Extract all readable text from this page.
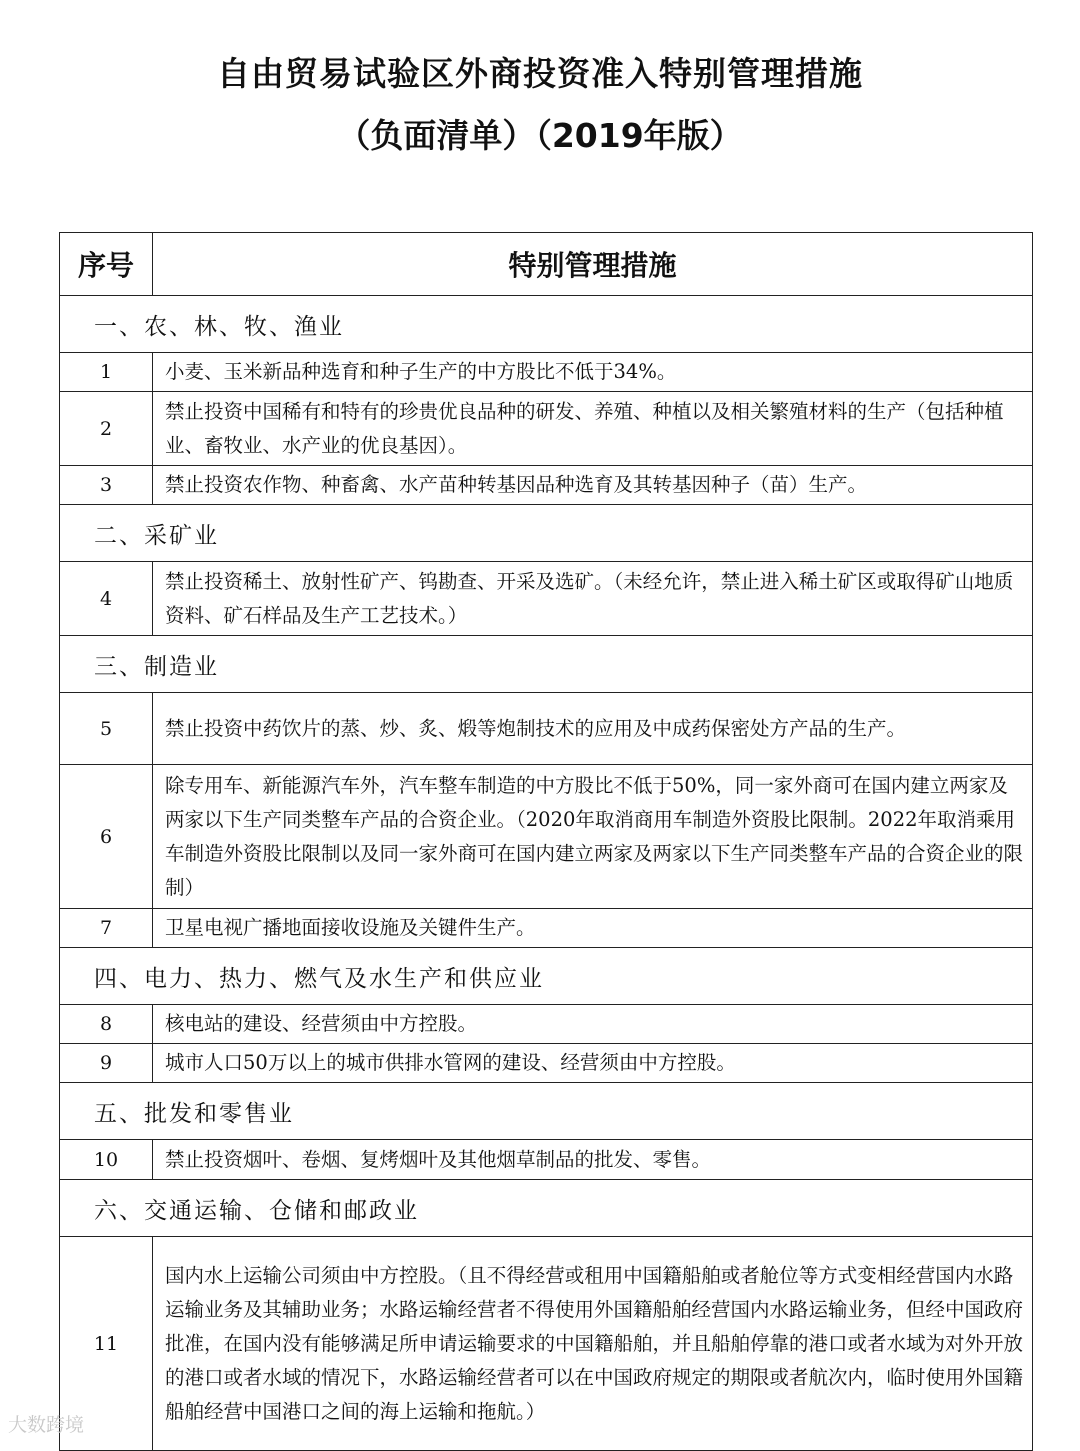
自由贸易试验区外商投资准入特别管理措施
（负面清单）（2019年版）
序号	特别管理措施
一、农、林、牧、渔业	
1	小麦、玉米新品种选育和种子生产的中方股比不低于34%。
2	禁止投资中国稀有和特有的珍贵优良品种的研发、养殖、种植以及相关繁殖材料的生产（包括种植业、畜牧业、水产业的优良基因）。
3	禁止投资农作物、种畜禽、水产苗种转基因品种选育及其转基因种子（苗）生产。
二、采矿业	
4	禁止投资稀土、放射性矿产、钨勘查、开采及选矿。（未经允许，禁止进入稀土矿区或取得矿山地质资料、矿石样品及生产工艺技术。）
三、制造业	
5	禁止投资中药饮片的蒸、炒、炙、煅等炮制技术的应用及中成药保密处方产品的生产。
6	除专用车、新能源汽车外，汽车整车制造的中方股比不低于50%，同一家外商可在国内建立两家及两家以下生产同类整车产品的合资企业。（2020年取消商用车制造外资股比限制。2022年取消乘用车制造外资股比限制以及同一家外商可在国内建立两家及两家以下生产同类整车产品的合资企业的限制）
7	卫星电视广播地面接收设施及关键件生产。
四、电力、热力、燃气及水生产和供应业	
8	核电站的建设、经营须由中方控股。
9	城市人口50万以上的城市供排水管网的建设、经营须由中方控股。
五、批发和零售业	
10	禁止投资烟叶、卷烟、复烤烟叶及其他烟草制品的批发、零售。
六、交通运输、仓储和邮政业	
11	国内水上运输公司须由中方控股。（且不得经营或租用中国籍船舶或者舱位等方式变相经营国内水路运输业务及其辅助业务；水路运输经营者不得使用外国籍船舶经营国内水路运输业务，但经中国政府批准，在国内没有能够满足所申请运输要求的中国籍船舶，并且船舶停靠的港口或者水域为对外开放的港口或者水域的情况下，水路运输经营者可以在中国政府规定的期限或者航次内，临时使用外国籍船舶经营中国港口之间的海上运输和拖航。）
大数跨境
